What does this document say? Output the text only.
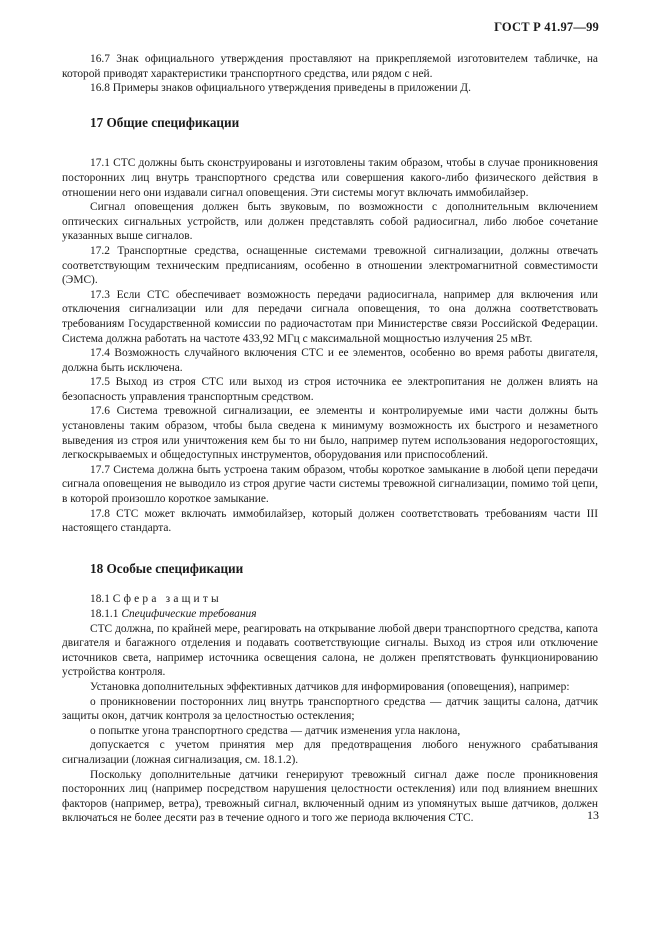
ГОСТ Р 41.97—99

16.7 Знак официального утверждения проставляют на прикрепляемой изготовителем табличке, на которой приводят характеристики транспортного средства, или рядом с ней.

16.8 Примеры знаков официального утверждения приведены в приложении Д.

17 Общие спецификации

17.1 СТС должны быть сконструированы и изготовлены таким образом, чтобы в случае проникновения посторонних лиц внутрь транспортного средства или совершения какого-либо физического действия в отношении него они издавали сигнал оповещения. Эти системы могут включать иммобилайзер.

Сигнал оповещения должен быть звуковым, по возможности с дополнительным включением оптических сигнальных устройств, или должен представлять собой радиосигнал, либо любое сочетание указанных выше сигналов.

17.2 Транспортные средства, оснащенные системами тревожной сигнализации, должны отвечать соответствующим техническим предписаниям, особенно в отношении электромагнитной совместимости (ЭМС).

17.3 Если СТС обеспечивает возможность передачи радиосигнала, например для включения или отключения сигнализации или для передачи сигнала оповещения, то она должна соответствовать требованиям Государственной комиссии по радиочастотам при Министерстве связи Российской Федерации. Система должна работать на частоте 433,92 МГц с максимальной мощностью излучения 25 мВт.

17.4 Возможность случайного включения СТС и ее элементов, особенно во время работы двигателя, должна быть исключена.

17.5 Выход из строя СТС или выход из строя источника ее электропитания не должен влиять на безопасность управления транспортным средством.

17.6 Система тревожной сигнализации, ее элементы и контролируемые ими части должны быть установлены таким образом, чтобы была сведена к минимуму возможность их быстрого и незаметного выведения из строя или уничтожения кем бы то ни было, например путем использования недорогостоящих, легкоскрываемых и общедоступных инструментов, оборудования или приспособлений.

17.7 Система должна быть устроена таким образом, чтобы короткое замыкание в любой цепи передачи сигнала оповещения не выводило из строя другие части системы тревожной сигнализации, помимо той цепи, в которой произошло короткое замыкание.

17.8 СТС может включать иммобилайзер, который должен соответствовать требованиям части III настоящего стандарта.

18 Особые спецификации

18.1 Сфера защиты

18.1.1 Специфические требования

СТС должна, по крайней мере, реагировать на открывание любой двери транспортного средства, капота двигателя и багажного отделения и подавать соответствующие сигналы. Выход из строя или отключение источников света, например источника освещения салона, не должен препятствовать функционированию устройства контроля.

Установка дополнительных эффективных датчиков для информирования (оповещения), например:

о проникновении посторонних лиц внутрь транспортного средства — датчик защиты салона, датчик защиты окон, датчик контроля за целостностью остекления;

о попытке угона транспортного средства — датчик изменения угла наклона,

допускается с учетом принятия мер для предотвращения любого ненужного срабатывания сигнализации (ложная сигнализация, см. 18.1.2).

Поскольку дополнительные датчики генерируют тревожный сигнал даже после проникновения посторонних лиц (например посредством нарушения целостности остекления) или под влиянием внешних факторов (например, ветра), тревожный сигнал, включенный одним из упомянутых выше датчиков, должен включаться не более десяти раз в течение одного и того же периода включения СТС.	13
